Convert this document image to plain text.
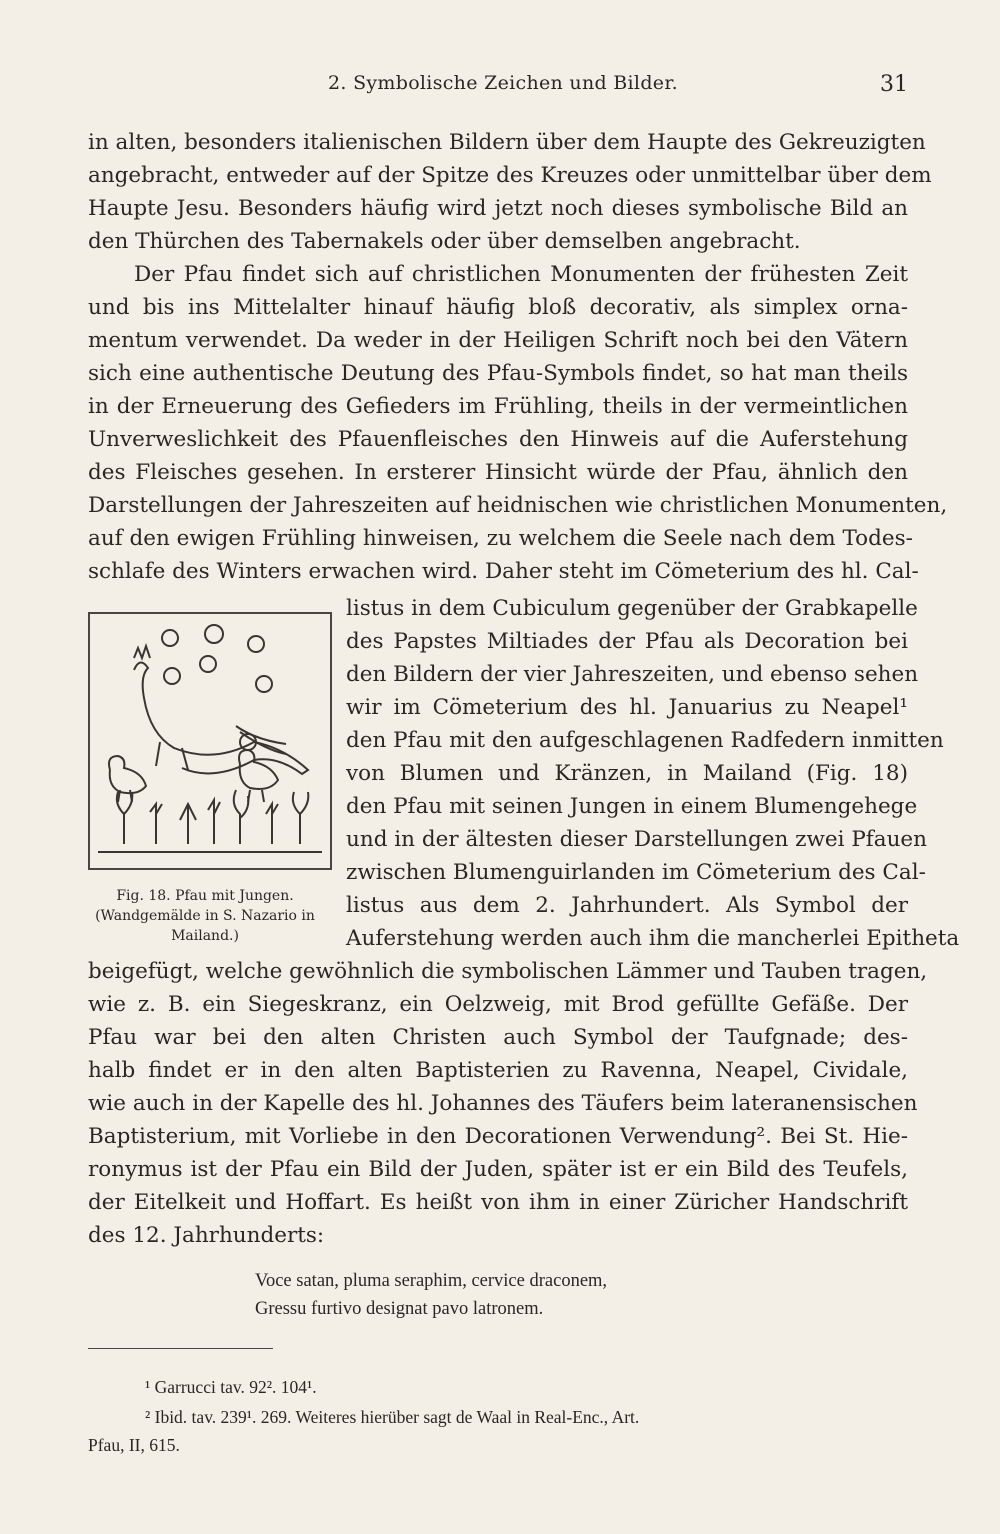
2. Symbolische Zeichen und Bilder.	31
in alten, besonders italienischen Bildern über dem Haupte des Gekreuzigten
angebracht, entweder auf der Spitze des Kreuzes oder unmittelbar über dem
Haupte Jesu. Besonders häufig wird jetzt noch dieses symbolische Bild an
den Thürchen des Tabernakels oder über demselben angebracht.
Der Pfau findet sich auf christlichen Monumenten der frühesten Zeit
und bis ins Mittelalter hinauf häufig bloß decorativ, als simplex orna-
mentum verwendet. Da weder in der Heiligen Schrift noch bei den Vätern
sich eine authentische Deutung des Pfau-Symbols findet, so hat man theils
in der Erneuerung des Gefieders im Frühling, theils in der vermeintlichen
Unverweslichkeit des Pfauenfleisches den Hinweis auf die Auferstehung
des Fleisches gesehen. In ersterer Hinsicht würde der Pfau, ähnlich den
Darstellungen der Jahreszeiten auf heidnischen wie christlichen Monumenten,
auf den ewigen Frühling hinweisen, zu welchem die Seele nach dem Todes-
schlafe des Winters erwachen wird. Daher steht im Cömeterium des hl. Cal-
Fig. 18. Pfau mit Jungen.
(Wandgemälde in S. Nazario in
Mailand.)
listus in dem Cubiculum gegenüber der Grabkapelle
des Papstes Miltiades der Pfau als Decoration bei
den Bildern der vier Jahreszeiten, und ebenso sehen
wir im Cömeterium des hl. Januarius zu Neapel¹
den Pfau mit den aufgeschlagenen Radfedern inmitten
von Blumen und Kränzen, in Mailand (Fig. 18)
den Pfau mit seinen Jungen in einem Blumengehege
und in der ältesten dieser Darstellungen zwei Pfauen
zwischen Blumenguirlanden im Cömeterium des Cal-
listus aus dem 2. Jahrhundert. Als Symbol der
Auferstehung werden auch ihm die mancherlei Epitheta
beigefügt, welche gewöhnlich die symbolischen Lämmer und Tauben tragen,
wie z. B. ein Siegeskranz, ein Oelzweig, mit Brod gefüllte Gefäße. Der
Pfau war bei den alten Christen auch Symbol der Taufgnade; des-
halb findet er in den alten Baptisterien zu Ravenna, Neapel, Cividale,
wie auch in der Kapelle des hl. Johannes des Täufers beim lateranensischen
Baptisterium, mit Vorliebe in den Decorationen Verwendung². Bei St. Hie-
ronymus ist der Pfau ein Bild der Juden, später ist er ein Bild des Teufels,
der Eitelkeit und Hoffart. Es heißt von ihm in einer Züricher Handschrift
des 12. Jahrhunderts:
Voce satan, pluma seraphim, cervice draconem,
Gressu furtivo designat pavo latronem.
¹ Garrucci tav. 92². 104¹.
² Ibid. tav. 239¹. 269. Weiteres hierüber sagt de Waal in Real-Enc., Art.
Pfau, II, 615.
